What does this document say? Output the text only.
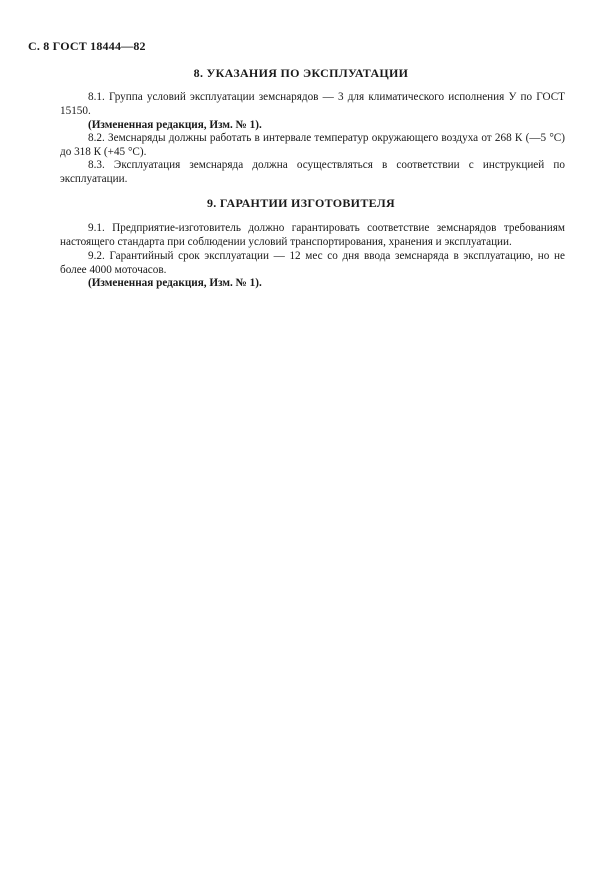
С. 8 ГОСТ 18444—82
8. УКАЗАНИЯ ПО ЭКСПЛУАТАЦИИ
8.1. Группа условий эксплуатации земснарядов — 3 для климатического исполнения У по ГОСТ 15150.
(Измененная редакция, Изм. № 1).
8.2. Земснаряды должны работать в интервале температур окружающего воздуха от 268 К (—5 °С) до 318 К (+45 °С).
8.3. Эксплуатация земснаряда должна осуществляться в соответствии с инструкцией по эксплуатации.
9. ГАРАНТИИ ИЗГОТОВИТЕЛЯ
9.1. Предприятие-изготовитель должно гарантировать соответствие земснарядов требованиям настоящего стандарта при соблюдении условий транспортирования, хранения и эксплуатации.
9.2. Гарантийный срок эксплуатации — 12 мес со дня ввода земснаряда в эксплуатацию, но не более 4000 моточасов.
(Измененная редакция, Изм. № 1).
